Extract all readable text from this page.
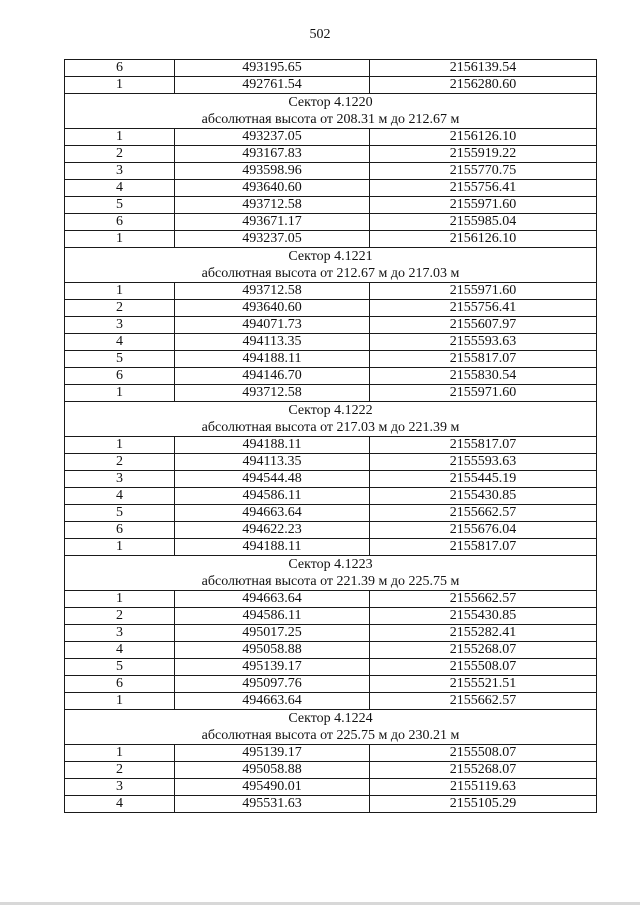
502
6	493195.65	2156139.54
1	492761.54	2156280.60

Сектор 4.1220
абсолютная высота от 208.31 м до 212.67 м		

1	493237.05	2156126.10
2	493167.83	2155919.22
3	493598.96	2155770.75
4	493640.60	2155756.41
5	493712.58	2155971.60
6	493671.17	2155985.04
1	493237.05	2156126.10

Сектор 4.1221
абсолютная высота от 212.67 м до 217.03 м		

1	493712.58	2155971.60
2	493640.60	2155756.41
3	494071.73	2155607.97
4	494113.35	2155593.63
5	494188.11	2155817.07
6	494146.70	2155830.54
1	493712.58	2155971.60

Сектор 4.1222
абсолютная высота от 217.03 м до 221.39 м		

1	494188.11	2155817.07
2	494113.35	2155593.63
3	494544.48	2155445.19
4	494586.11	2155430.85
5	494663.64	2155662.57
6	494622.23	2155676.04
1	494188.11	2155817.07

Сектор 4.1223
абсолютная высота от 221.39 м до 225.75 м		

1	494663.64	2155662.57
2	494586.11	2155430.85
3	495017.25	2155282.41
4	495058.88	2155268.07
5	495139.17	2155508.07
6	495097.76	2155521.51
1	494663.64	2155662.57

Сектор 4.1224
абсолютная высота от 225.75 м до 230.21 м		

1	495139.17	2155508.07
2	495058.88	2155268.07
3	495490.01	2155119.63
4	495531.63	2155105.29
